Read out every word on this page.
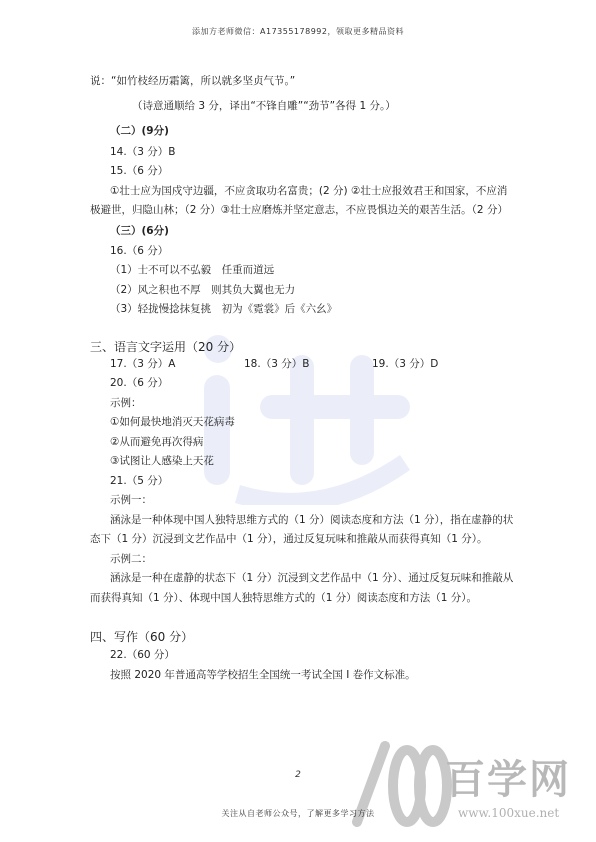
添加方老师微信：A17355178992，领取更多精品资料
说：“如竹枝经历霜篱，所以就多坚贞气节。”
（诗意通顺给 3 分，译出“不锋自雕”“劲节”各得 1 分。）
（二）(9分)
14.（3 分）B
15.（6 分）
①壮士应为国戍守边疆，不应贪取功名富贵；(2 分) ②壮士应报效君王和国家，不应消
极避世，归隐山林；（2 分）③壮士应磨炼并坚定意志，不应畏惧边关的艰苦生活。（2 分）
（三）(6分)
16.（6 分）
（1）士不可以不弘毅　任重而道远
（2）风之积也不厚　则其负大翼也无力
（3）轻拢慢捻抹复挑　初为《霓裳》后《六幺》
三、语言文字运用（20 分）
17.（3 分）A	18.（3 分）B	19.（3 分）D
20.（6 分）
示例：
①如何最快地消灭天花病毒
②从而避免再次得病
③试图让人感染上天花
21.（5 分）
示例一：
涵泳是一种体现中国人独特思维方式的（1 分）阅读态度和方法（1 分），指在虚静的状
态下（1 分）沉浸到文艺作品中（1 分），通过反复玩味和推敲从而获得真知（1 分）。
示例二：
涵泳是一种在虚静的状态下（1 分）沉浸到文艺作品中（1 分）、通过反复玩味和推敲从
而获得真知（1 分）、体现中国人独特思维方式的（1 分）阅读态度和方法（1 分）。
四、写作（60 分）
22.（60 分）
按照 2020 年普通高等学校招生全国统一考试全国 I 卷作文标准。
2	百学网
www.100xue.net
关注从自老师公众号，了解更多学习方法
